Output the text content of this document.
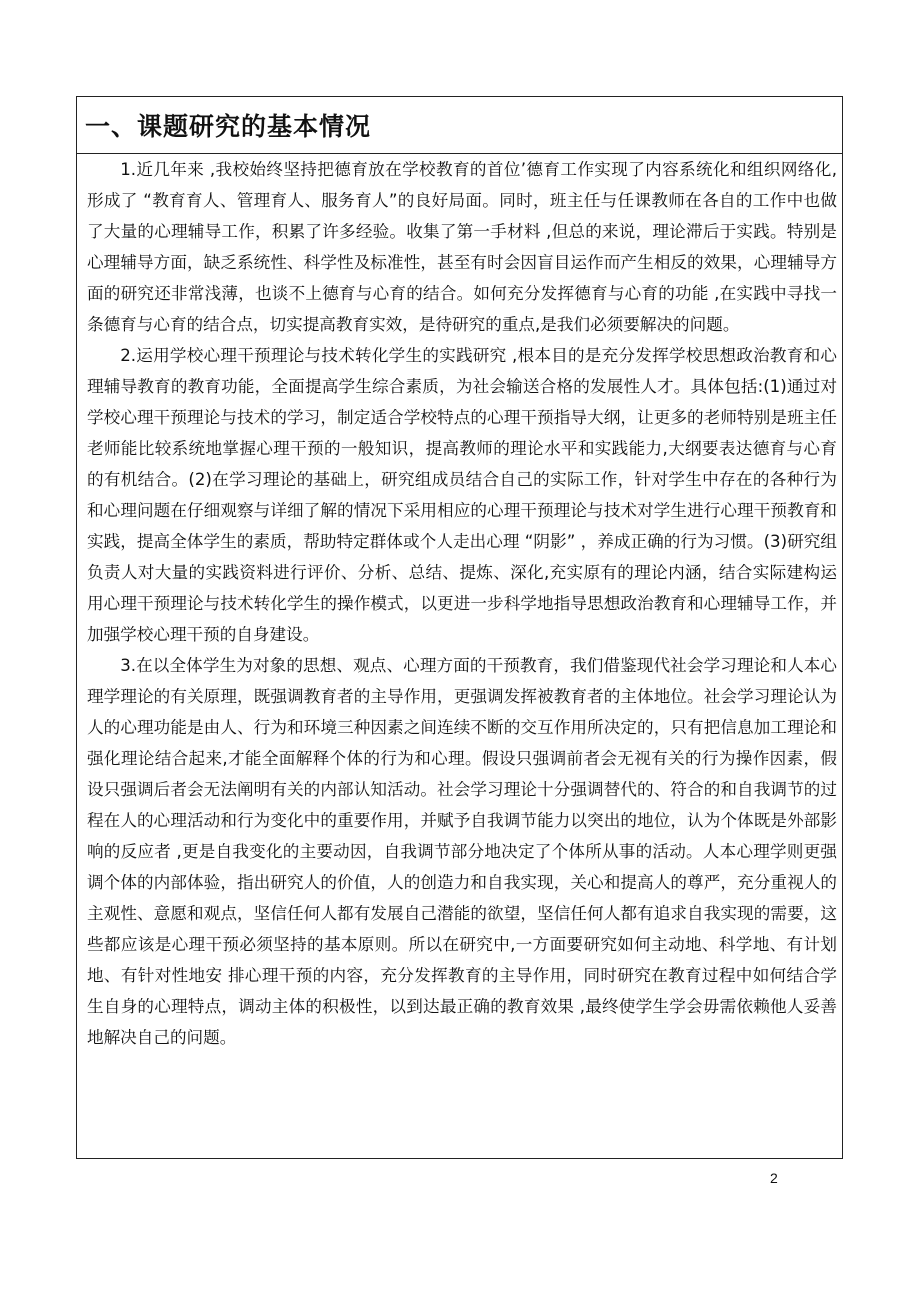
一、课题研究的基本情况

1.近几年来 ,我校始终坚持把德育放在学校教育的首位’德育工作实现了内容系统化和组织网络化,形成了 “教育育人、管理育人、服务育人”的良好局面。同时，班主任与任课教师在各自的工作中也做了大量的心理辅导工作，积累了许多经验。收集了第一手材料 ,但总的来说，理论滞后于实践。特别是心理辅导方面，缺乏系统性、科学性及标准性，甚至有时会因盲目运作而产生相反的效果，心理辅导方面的研究还非常浅薄，也谈不上德育与心育的结合。如何充分发挥德育与心育的功能 ,在实践中寻找一条德育与心育的结合点，切实提高教育实效，是待研究的重点,是我们必须要解决的问题。

2.运用学校心理干预理论与技术转化学生的实践研究 ,根本目的是充分发挥学校思想政治教育和心理辅导教育的教育功能，全面提高学生综合素质，为社会输送合格的发展性人才。具体包括:(1)通过对学校心理干预理论与技术的学习，制定适合学校特点的心理干预指导大纲，让更多的老师特别是班主任老师能比较系统地掌握心理干预的一般知识，提高教师的理论水平和实践能力,大纲要表达德育与心育的有机结合。(2)在学习理论的基础上，研究组成员结合自己的实际工作，针对学生中存在的各种行为和心理问题在仔细观察与详细了解的情况下采用相应的心理干预理论与技术对学生进行心理干预教育和实践，提高全体学生的素质，帮助特定群体或个人走出心理 “阴影” ，养成正确的行为习惯。(3)研究组负责人对大量的实践资料进行评价、分析、总结、提炼、深化,充实原有的理论内涵，结合实际建构运用心理干预理论与技术转化学生的操作模式，以更进一步科学地指导思想政治教育和心理辅导工作，并加强学校心理干预的自身建设。

3.在以全体学生为对象的思想、观点、心理方面的干预教育，我们借鉴现代社会学习理论和人本心理学理论的有关原理，既强调教育者的主导作用，更强调发挥被教育者的主体地位。社会学习理论认为人的心理功能是由人、行为和环境三种因素之间连续不断的交互作用所决定的，只有把信息加工理论和强化理论结合起来,才能全面解释个体的行为和心理。假设只强调前者会无视有关的行为操作因素，假设只强调后者会无法阐明有关的内部认知活动。社会学习理论十分强调替代的、符合的和自我调节的过程在人的心理活动和行为变化中的重要作用，并赋予自我调节能力以突出的地位，认为个体既是外部影响的反应者 ,更是自我变化的主要动因，自我调节部分地决定了个体所从事的活动。人本心理学则更强调个体的内部体验，指出研究人的价值，人的创造力和自我实现，关心和提高人的尊严，充分重视人的主观性、意愿和观点，坚信任何人都有发展自己潜能的欲望，坚信任何人都有追求自我实现的需要，这些都应该是心理干预必须坚持的基本原则。所以在研究中,一方面要研究如何主动地、科学地、有计划地、有针对性地安 排心理干预的内容，充分发挥教育的主导作用，同时研究在教育过程中如何结合学生自身的心理特点，调动主体的积极性，以到达最正确的教育效果 ,最终使学生学会毋需依赖他人妥善地解决自己的问题。

2
